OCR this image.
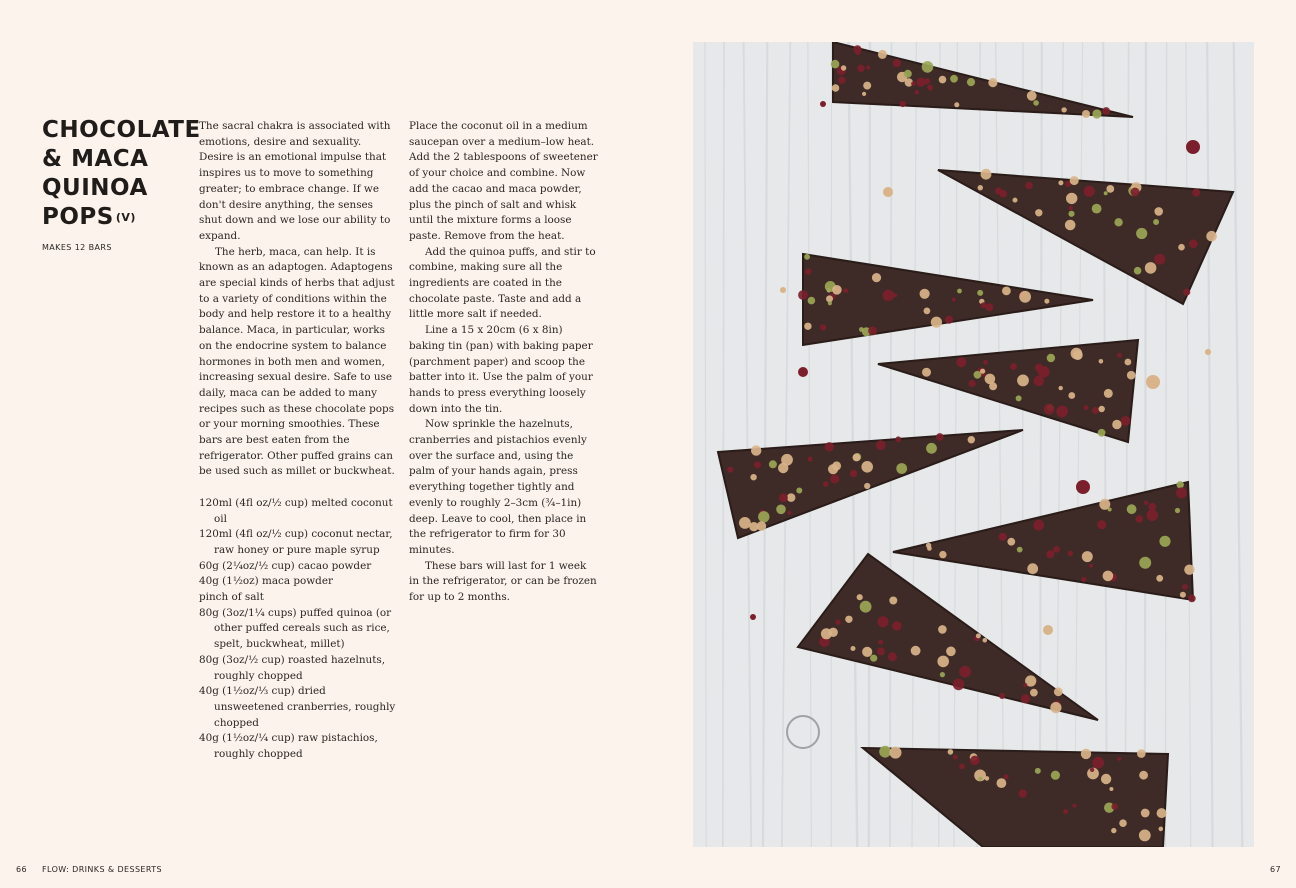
CHOCOLATE
& MACA
QUINOA
POPS (V)
MAKES 12 BARS

The sacral chakra is associated with emotions, desire and sexuality. Desire is an emotional impulse that inspires us to move to something greater; to embrace change. If we don't desire anything, the senses shut down and we lose our ability to expand.

The herb, maca, can help. It is known as an adaptogen. Adaptogens are special kinds of herbs that adjust to a variety of conditions within the body and help restore it to a healthy balance. Maca, in particular, works on the endocrine system to balance hormones in both men and women, increasing sexual desire. Safe to use daily, maca can be added to many recipes such as these chocolate pops or your morning smoothies. These bars are best eaten from the refrigerator. Other puffed grains can be used such as millet or buckwheat.

120ml (4fl oz/½ cup) melted coconut oil
120ml (4fl oz/½ cup) coconut nectar, raw honey or pure maple syrup
60g (2¼oz/½ cup) cacao powder
40g (1½oz) maca powder
pinch of salt
80g (3oz/1¼ cups) puffed quinoa (or other puffed cereals such as rice, spelt, buckwheat, millet)
80g (3oz/½ cup) roasted hazelnuts, roughly chopped
40g (1½oz/⅓ cup) dried unsweetened cranberries, roughly chopped
40g (1½oz/¼ cup) raw pistachios, roughly chopped

Place the coconut oil in a medium saucepan over a medium–low heat. Add the 2 tablespoons of sweetener of your choice and combine. Now add the cacao and maca powder, plus the pinch of salt and whisk until the mixture forms a loose paste. Remove from the heat.

Add the quinoa puffs, and stir to combine, making sure all the ingredients are coated in the chocolate paste. Taste and add a little more salt if needed.

Line a 15 x 20cm (6 x 8in) baking tin (pan) with baking paper (parchment paper) and scoop the batter into it. Use the palm of your hands to press everything loosely down into the tin.

Now sprinkle the hazelnuts, cranberries and pistachios evenly over the surface and, using the palm of your hands again, press everything together tightly and evenly to roughly 2–3cm (¾–1in) deep. Leave to cool, then place in the refrigerator to firm for 30 minutes.

These bars will last for 1 week in the refrigerator, or can be frozen for up to 2 months.

66 FLOW: DRINKS & DESSERTS	67
